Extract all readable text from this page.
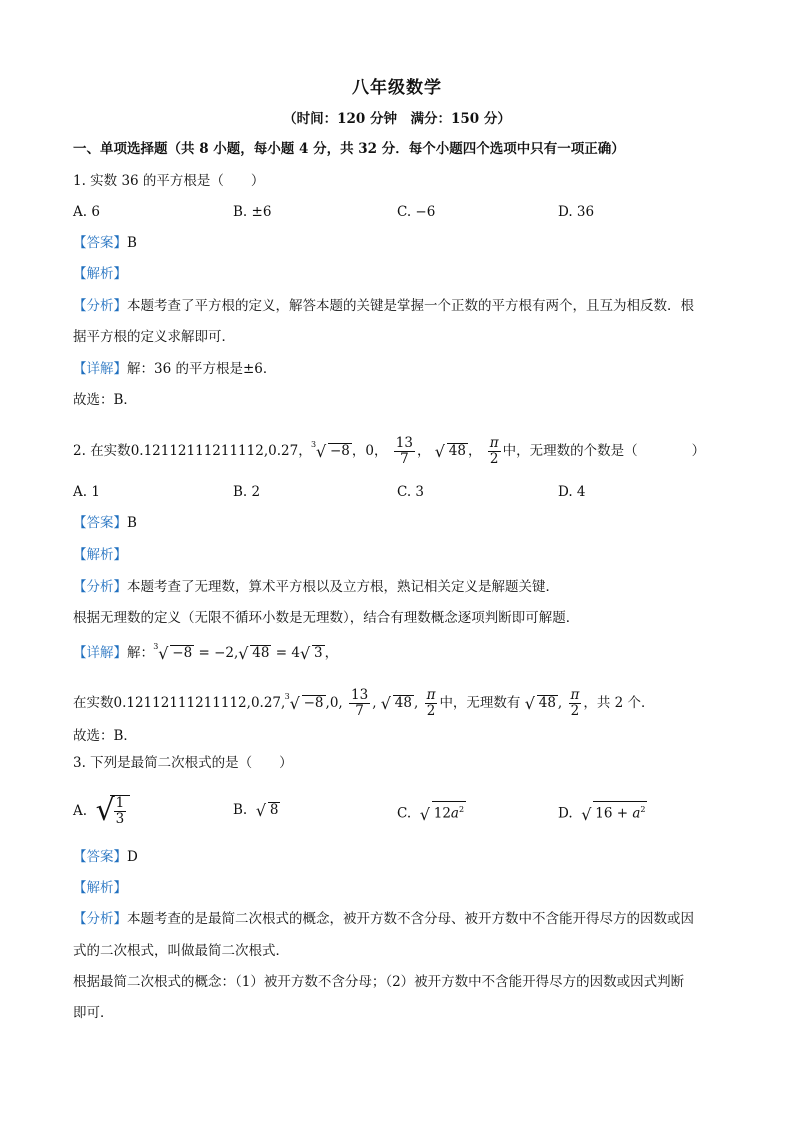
八年级数学
（时间：120 分钟　满分：150 分）
一、单项选择题（共 8 小题，每小题 4 分，共 32 分．每个小题四个选项中只有一项正确）
1. 实数 36 的平方根是（　　）
A. 6	B. ±6	C. −6	D. 36
【答案】B
【解析】
【分析】本题考查了平方根的定义，解答本题的关键是掌握一个正数的平方根有两个，且互为相反数．根
据平方根的定义求解即可．
【详解】解：36 的平方根是±6．
故选：B．
2. 在实数0.12112111211112,0.27， 3 √ −8 ，0， $\frac{13}{7}$ ， √ 48 ， $\frac{\pi}{2}$ 中，无理数的个数是（　　　　）
A. 1	B. 2	C. 3	D. 4
【答案】B
【解析】
【分析】本题考查了无理数，算术平方根以及立方根，熟记相关定义是解题关键．
根据无理数的定义（无限不循环小数是无理数），结合有理数概念逐项判断即可解题．
【详解】解： 3 √ −8 = −2, √ 48 = 4 √ 3 ，
在实数0.12112111211112,0.27, 3 √ −8 ,0, $\frac{13}{7}$ , √ 48 , $\frac{\pi}{2}$ 中，无理数有 √ 48 , $\frac{\pi}{2}$ ，共 2 个．
故选：B．
3. 下列是最简二次根式的是（　　）
A. √
$\frac{1}{3}$	B. √ 8	C. √ $12a^2$	D. √ $16 + a^2$
【答案】D
【解析】
【分析】本题考查的是最简二次根式的概念，被开方数不含分母、被开方数中不含能开得尽方的因数或因
式的二次根式，叫做最简二次根式．
根据最简二次根式的概念：（1）被开方数不含分母；（2）被开方数中不含能开得尽方的因数或因式判断
即可．
